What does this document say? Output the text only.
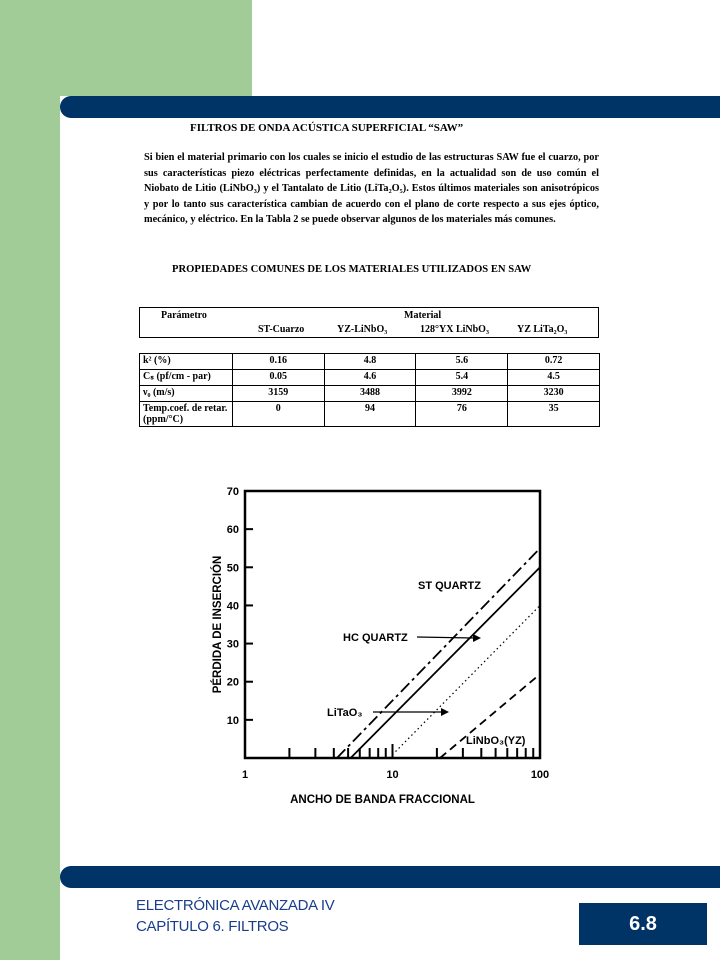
FILTROS DE ONDA ACÚSTICA SUPERFICIAL “SAW”
Si bien el material primario con los cuales se inicio el estudio de las estructuras SAW fue el cuarzo, por sus características piezo eléctricas perfectamente definidas, en la actualidad son de uso común el Niobato de Litio (LiNbO₃) y el Tantalato de Litio (LiTa₂O₅). Estos últimos materiales son anisotrópicos y por lo tanto sus característica cambian de acuerdo con el plano de corte respecto a sus ejes óptico, mecánico, y eléctrico. En la Tabla 2 se puede observar algunos de los materiales más comunes.
PROPIEDADES COMUNES DE LOS MATERIALES UTILIZADOS EN SAW
Parámetro	Material
ST-Cuarzo	YZ-LiNbO₃	128°YX LiNbO₃	YZ LiTa₂O₃
k² (%)	0.16	4.8	5.6	0.72
Cₛ (pf/cm - par)	0.05	4.6	5.4	4.5
ν₀ (m/s)	3159	3488	3992	3230
Temp.coef. de retar. (ppm/°C)	0	94	76	35
10
20
30
40
50
60
70
1	10	100
ANCHO DE BANDA FRACCIONAL
PÉRDIDA DE INSERCIÓN	ST QUARTZ
HC QUARTZ
LiTaO₃
LiNbO₃(YZ)
ELECTRÓNICA AVANZADA IV
CAPÍTULO 6. FILTROS	6.8
